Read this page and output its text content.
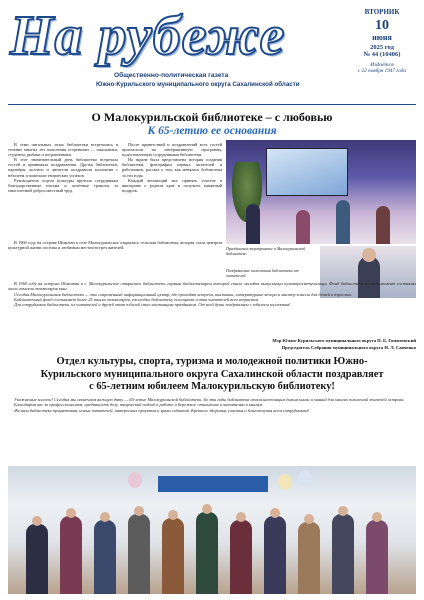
На рубеже
Общественно-политическая газета
Южно-Курильского муниципального округа Сахалинской области
ВТОРНИК
10
июня
2025 год
№ 44 (10406)
Издаётся
с 22 ноября 1947 года
О Малокурильской библиотеке – с любовью
К 65-летию ее основания

В семи читальных залах библиотеки встречались в течение многих лет поколения островитян — школьники, студенты, рыбаки и пограничники.

В этот знаменательный день библиотека встречала гостей и принимала поздравления. Друзья библиотеки, партнёры, коллеги и читатели поздравили коллектив с юбилеем и пожелали творческих успехов.

Руководитель отдела культуры вручила сотрудникам благодарственные письма и почётные грамоты за многолетний добросовестный труд.

После приветствий и поздравлений всех гостей пригласили на интерактивную программу, подготовленную сотрудниками библиотеки.

На экране была представлена история создания библиотеки, фотографии первых читателей и работников, рассказ о том, как менялась библиотека за эти годы.

Каждый желающий мог принять участие в викторине о родном крае и получить памятный подарок.

Праздничное мероприятие в Малокурильской библиотеке.
Поздравление коллектива библиотеки от читателей.

В 1960 году на острове Шикотан в селе Малокурильское открылась сельская библиотека, которая стала центром культурной жизни посёлка и любимым местом встреч жителей.

В 1960 году на острове Шикотан в с. Малокурильское открылась библиотека, первым библиотекарем которой стала молодая выпускница культпросветучилища. Фонд библиотеки на тот момент составлял около тысячи экземпляров книг.

Сегодня Малокурильская библиотека — это современный информационный центр, где проходят встречи, выставки, литературные вечера и мастер-классы для детей и взрослых.

Библиотечный фонд составляет более 25 тысяч экземпляров, ежегодно библиотеку посещают сотни читателей всех возрастов.

Для сотрудников библиотеки, их читателей и друзей этот юбилей стал настоящим праздником. От всей души поздравляем с юбилеем коллектив!

Мэр Южно-Курильского муниципального округа П. Б. Гомилевский
Председатель Собрания муниципального округа Н. Л. Савченко
Отдел культуры, спорта, туризма и молодежной политики Южно-Курильского муниципального округа Сахалинской области поздравляет с 65-летним юбилеем Малокурильскую библиотеку!

Уважаемые коллеги! Сегодня мы отмечаем важную дату — 65-летие Малокурильской библиотеки. За эти годы библиотека стала настоящим домом книги и знаний для многих поколений жителей острова.

Благодарим вас за профессионализм, преданность делу, творческий подход к работе и бережное отношение к читателям и книгам.

Желаем библиотеке процветания, новых читателей, интересных проектов и ярких событий. Крепкого здоровья, счастья и благополучия всем сотрудникам!
